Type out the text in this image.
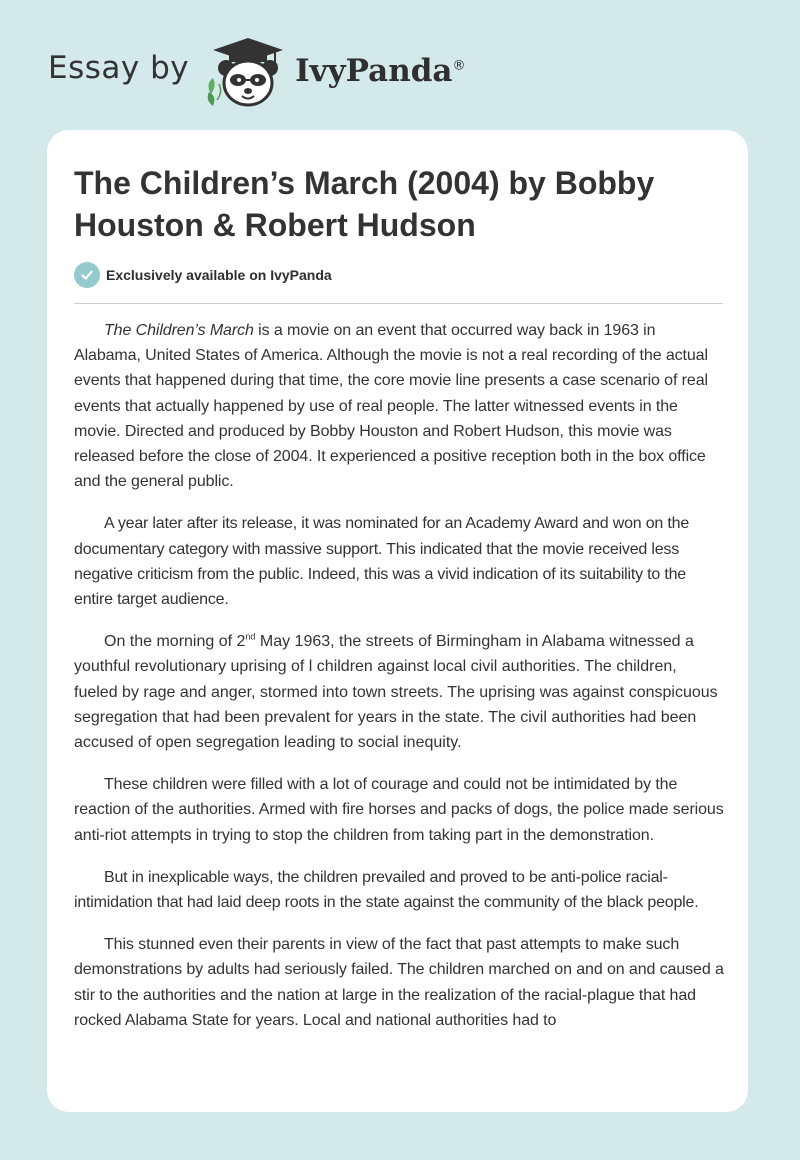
Essay by	IvyPanda®
The Children’s March (2004) by Bobby Houston & Robert Hudson
Exclusively available on IvyPanda

The Children’s March is a movie on an event that occurred way back in 1963 in Alabama, United States of America. Although the movie is not a real recording of the actual events that happened during that time, the core movie line presents a case scenario of real events that actually happened by use of real people. The latter witnessed events in the movie. Directed and produced by Bobby Houston and Robert Hudson, this movie was released before the close of 2004. It experienced a positive reception both in the box office and the general public.

A year later after its release, it was nominated for an Academy Award and won on the documentary category with massive support. This indicated that the movie received less negative criticism from the public. Indeed, this was a vivid indication of its suitability to the entire target audience.

On the morning of 2nd May 1963, the streets of Birmingham in Alabama witnessed a youthful revolutionary uprising of l children against local civil authorities. The children, fueled by rage and anger, stormed into town streets. The uprising was against conspicuous segregation that had been prevalent for years in the state. The civil authorities had been accused of open segregation leading to social inequity.

These children were filled with a lot of courage and could not be intimidated by the reaction of the authorities. Armed with fire horses and packs of dogs, the police made serious anti-riot attempts in trying to stop the children from taking part in the demonstration.

But in inexplicable ways, the children prevailed and proved to be anti-police racial-intimidation that had laid deep roots in the state against the community of the black people.

This stunned even their parents in view of the fact that past attempts to make such demonstrations by adults had seriously failed. The children marched on and on and caused a stir to the authorities and the nation at large in the realization of the racial-plague that had rocked Alabama State for years. Local and national authorities had to
